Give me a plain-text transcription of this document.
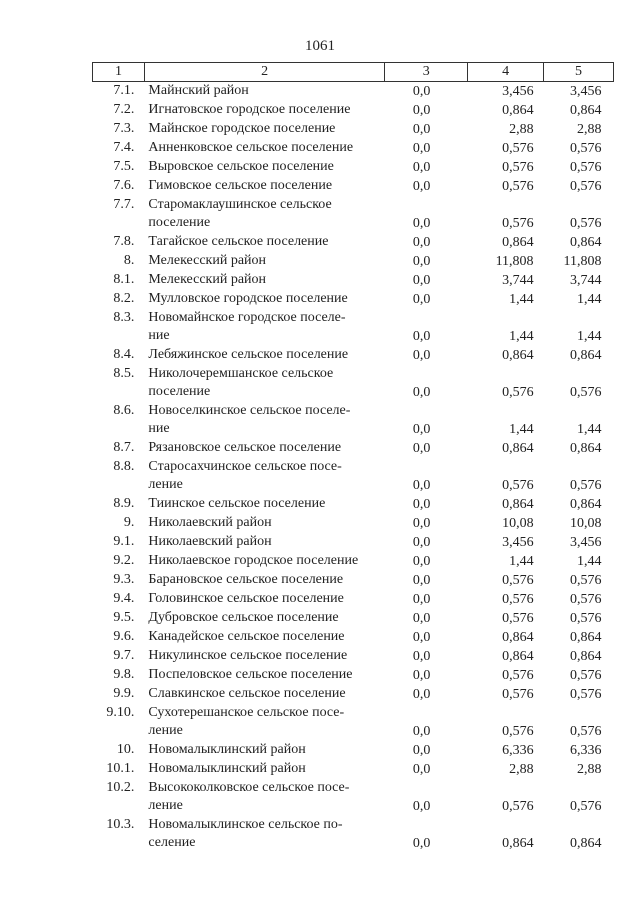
1061
1	2	3	4	5
7.1.	Майнский район	0,0	3,456	3,456
7.2.	Игнатовское городское поселение	0,0	0,864	0,864
7.3.	Майнское городское поселение	0,0	2,88	2,88
7.4.	Анненковское сельское поселение	0,0	0,576	0,576
7.5.	Выровское сельское поселение	0,0	0,576	0,576
7.6.	Гимовское сельское поселение	0,0	0,576	0,576
7.7.	Старомаклаушинское сельское
поселение	0,0	0,576	0,576
7.8.	Тагайское сельское поселение	0,0	0,864	0,864
8.	Мелекесский район	0,0	11,808	11,808
8.1.	Мелекесский район	0,0	3,744	3,744
8.2.	Мулловское городское поселение	0,0	1,44	1,44
8.3.	Новомайнское городское поселе-
ние	0,0	1,44	1,44
8.4.	Лебяжинское сельское поселение	0,0	0,864	0,864
8.5.	Николочеремшанское сельское
поселение	0,0	0,576	0,576
8.6.	Новоселкинское сельское поселе-
ние	0,0	1,44	1,44
8.7.	Рязановское сельское поселение	0,0	0,864	0,864
8.8.	Старосахчинское сельское посе-
ление	0,0	0,576	0,576
8.9.	Тиинское сельское поселение	0,0	0,864	0,864
9.	Николаевский район	0,0	10,08	10,08
9.1.	Николаевский район	0,0	3,456	3,456
9.2.	Николаевское городское поселение	0,0	1,44	1,44
9.3.	Барановское сельское поселение	0,0	0,576	0,576
9.4.	Головинское сельское поселение	0,0	0,576	0,576
9.5.	Дубровское сельское поселение	0,0	0,576	0,576
9.6.	Канадейское сельское поселение	0,0	0,864	0,864
9.7.	Никулинское сельское поселение	0,0	0,864	0,864
9.8.	Поспеловское сельское поселение	0,0	0,576	0,576
9.9.	Славкинское сельское поселение	0,0	0,576	0,576
9.10.	Сухотерешанское сельское посе-
ление	0,0	0,576	0,576
10.	Новомалыклинский район	0,0	6,336	6,336
10.1.	Новомалыклинский район	0,0	2,88	2,88
10.2.	Высококолковское сельское посе-
ление	0,0	0,576	0,576
10.3.	Новомалыклинское сельское по-
селение	0,0	0,864	0,864
